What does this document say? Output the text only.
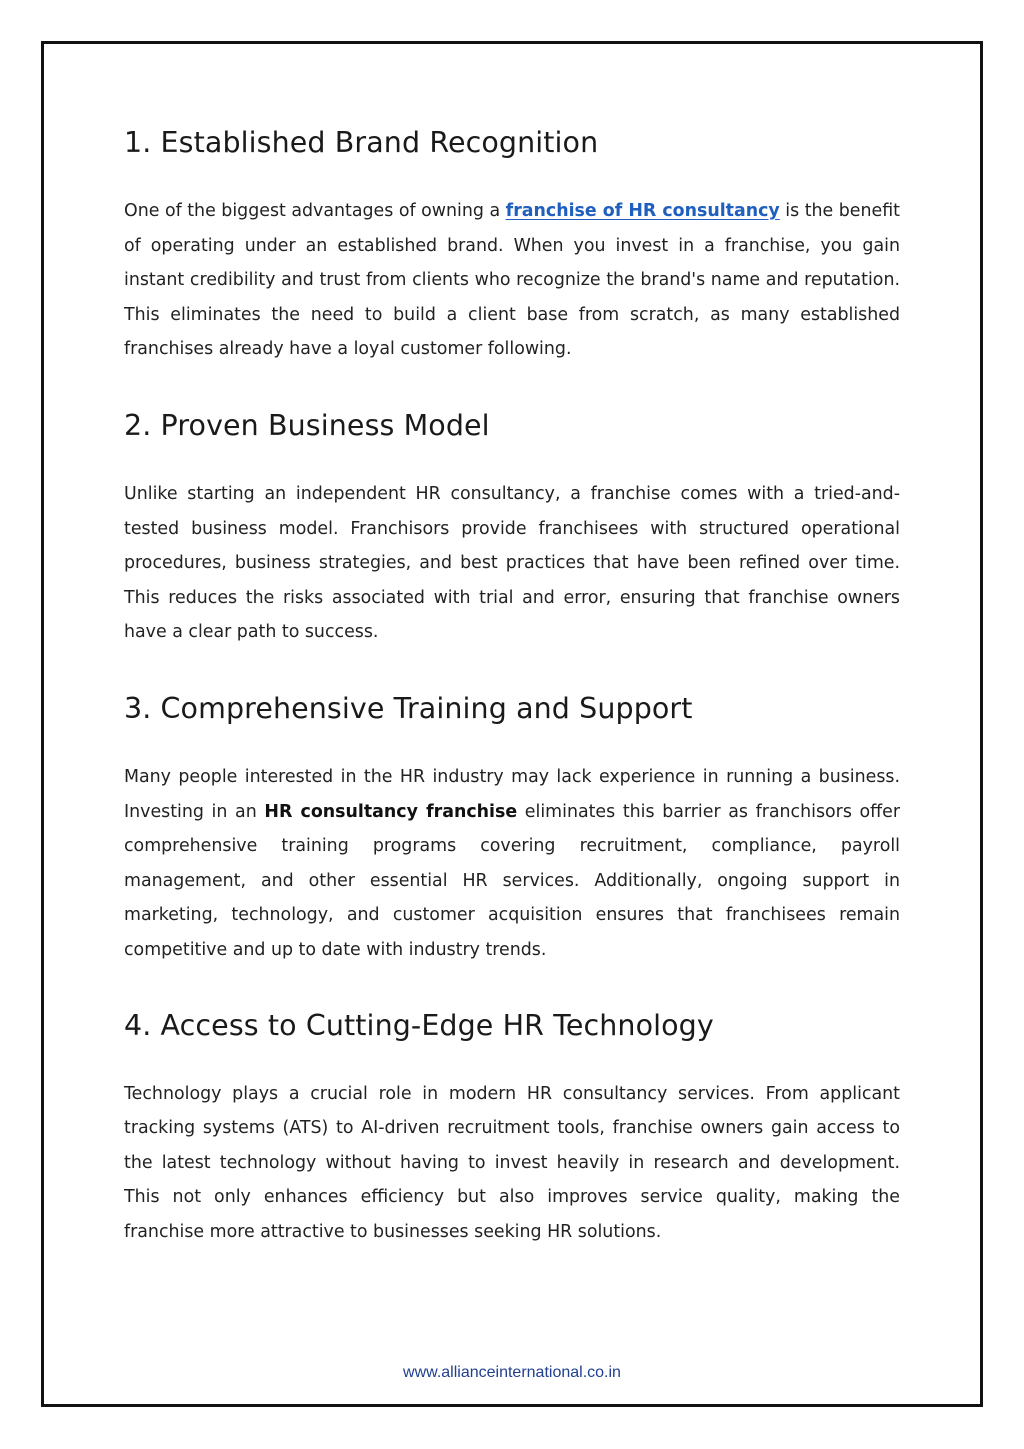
1. Established Brand Recognition

One of the biggest advantages of owning a franchise of HR consultancy is the benefit of operating under an established brand. When you invest in a franchise, you gain instant credibility and trust from clients who recognize the brand's name and reputation. This eliminates the need to build a client base from scratch, as many established franchises already have a loyal customer following.

2. Proven Business Model

Unlike starting an independent HR consultancy, a franchise comes with a tried-and-tested business model. Franchisors provide franchisees with structured operational procedures, business strategies, and best practices that have been refined over time. This reduces the risks associated with trial and error, ensuring that franchise owners have a clear path to success.

3. Comprehensive Training and Support

Many people interested in the HR industry may lack experience in running a business. Investing in an HR consultancy franchise eliminates this barrier as franchisors offer comprehensive training programs covering recruitment, compliance, payroll management, and other essential HR services. Additionally, ongoing support in marketing, technology, and customer acquisition ensures that franchisees remain competitive and up to date with industry trends.

4. Access to Cutting-Edge HR Technology

Technology plays a crucial role in modern HR consultancy services. From applicant tracking systems (ATS) to AI-driven recruitment tools, franchise owners gain access to the latest technology without having to invest heavily in research and development. This not only enhances efficiency but also improves service quality, making the franchise more attractive to businesses seeking HR solutions.

www.allianceinternational.co.in
